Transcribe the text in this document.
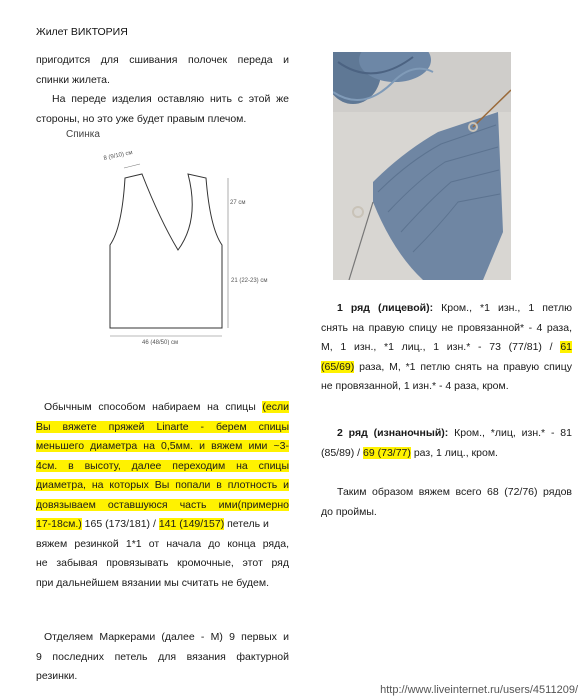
Жилет ВИКТОРИЯ
пригодится для сшивания полочек переда и
спинки жилета.
На переде изделия оставляю нить с этой же
стороны, но это уже будет правым плечом.
Спинка
8 (9/10) см
27 см
21 (22-23) см
46 (48/50) см
Обычным способом набираем на спицы (если
Вы вяжете пряжей Linarte - берем спицы
меньшего диаметра на 0,5мм. и вяжем ими ~3-
4см. в высоту, далее переходим на спицы
диаметра, на которых Вы попали в плотность и
довязываем оставшуюся часть ими(примерно
17-18см.) 165 (173/181) / 141 (149/157) петель и
вяжем резинкой 1*1 от начала до конца ряда,
не забывая провязывать кромочные, этот ряд
при дальнейшем вязании мы считать не будем.
Отделяем Маркерами (далее - М) 9 первых и
9 последних петель для вязания фактурной
резинки.
1 ряд (лицевой): Кром., *1 изн., 1 петлю
снять на правую спицу не провязанной* - 4 раза,
М, 1 изн., *1 лиц., 1 изн.* - 73 (77/81) / 61
(65/69) раза, М, *1 петлю снять на правую спицу
не провязанной, 1 изн.* - 4 раза, кром.
2 ряд (изнаночный): Кром., *лиц, изн.* - 81
(85/89) / 69 (73/77) раз, 1 лиц., кром.
Таким образом вяжем всего 68 (72/76) рядов
до проймы.
http://www.liveinternet.ru/users/4511209/
